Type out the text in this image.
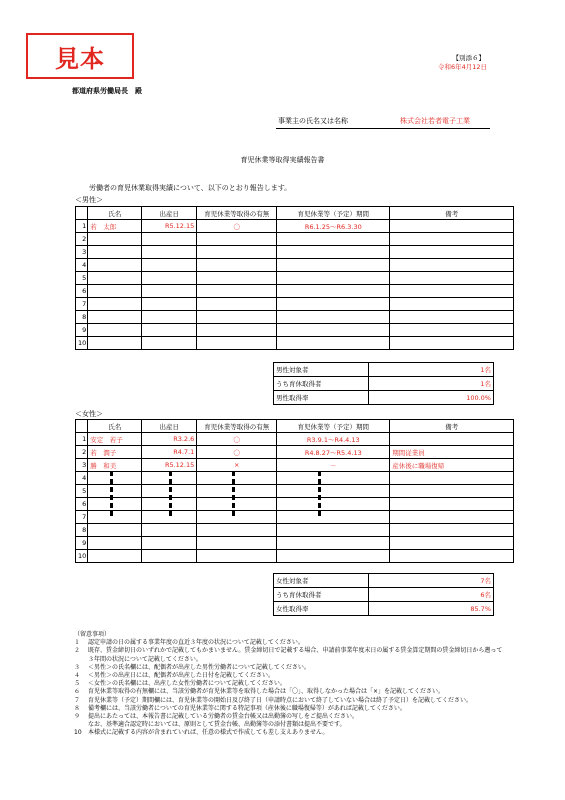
見本	【別添６】
令和6年4月12日
都道府県労働局長　殿
事業主の氏名又は名称	株式会社若者電子工業
育児休業等取得実績報告書
労働者の育児休業取得実績について、以下のとおり報告します。
＜男性＞
	氏名	出産日	育児休業等取得の有無	育児休業等（予定）期間	備考
1	若　太郎	R5.12.15	〇	R6.1.25～R6.3.30	
2					
3					
4					
5					
6					
7					
8					
9					
10					
男性対象者	1名
うち育休取得者	1名
男性取得率	100.0%
＜女性＞
	氏名	出産日	育児休業等取得の有無	育児休業等（予定）期間	備考
1	安定　若子	R3.2.6	〇	R3.9.1～R4.4.13	
2	若　潤子	R4.7.1	〇	R4.8.27～R5.4.13	期間従業員
3	勝　和美	R5.12.15	×	－	産休後に職場復帰
4					
5					
6					
7					
8					
9					
10					
女性対象者	7名
うち育休取得者	6名
女性取得率	85.7%
（留意事項）
１	認定申請の日の属する事業年度の直近３年度の状況について記載してください。
２	既存、賃金締切日のいずれかで記載してもかまいません。賃金締切日で記載する場合、申請前事業年度末日の属する賃金算定期間の賃金締切日から遡って３年間の状況について記載してください。
３	＜男性＞の氏名欄には、配偶者が出産した男性労働者について記載してください。
４	＜男性＞の出産日には、配偶者が出産した日付を記載してください。
５	＜女性＞の氏名欄には、出産した女性労働者について記載してください。
６	育児休業等取得の有無欄には、当該労働者が育児休業等を取得した場合は「〇」、取得しなかった場合は「×」を記載してください。
７	育児休業等（予定）期間欄には、育児休業等の開始日及び終了日（申請時点において終了していない場合は終了予定日）を記載してください。
８	備考欄には、当該労働者についての育児休業等に関する特記事項（産休後に職場復帰等）があれば記載してください。
９	提出にあたっては、本報告書に記載している労働者の賃金台帳又は出勤簿の写しをご提出ください。
なお、基準適合認定時においては、原則として賃金台帳、出勤簿等の添付書類は提出不要です。
10	本様式に記載する内容が含まれていれば、任意の様式で作成しても差し支えありません。
